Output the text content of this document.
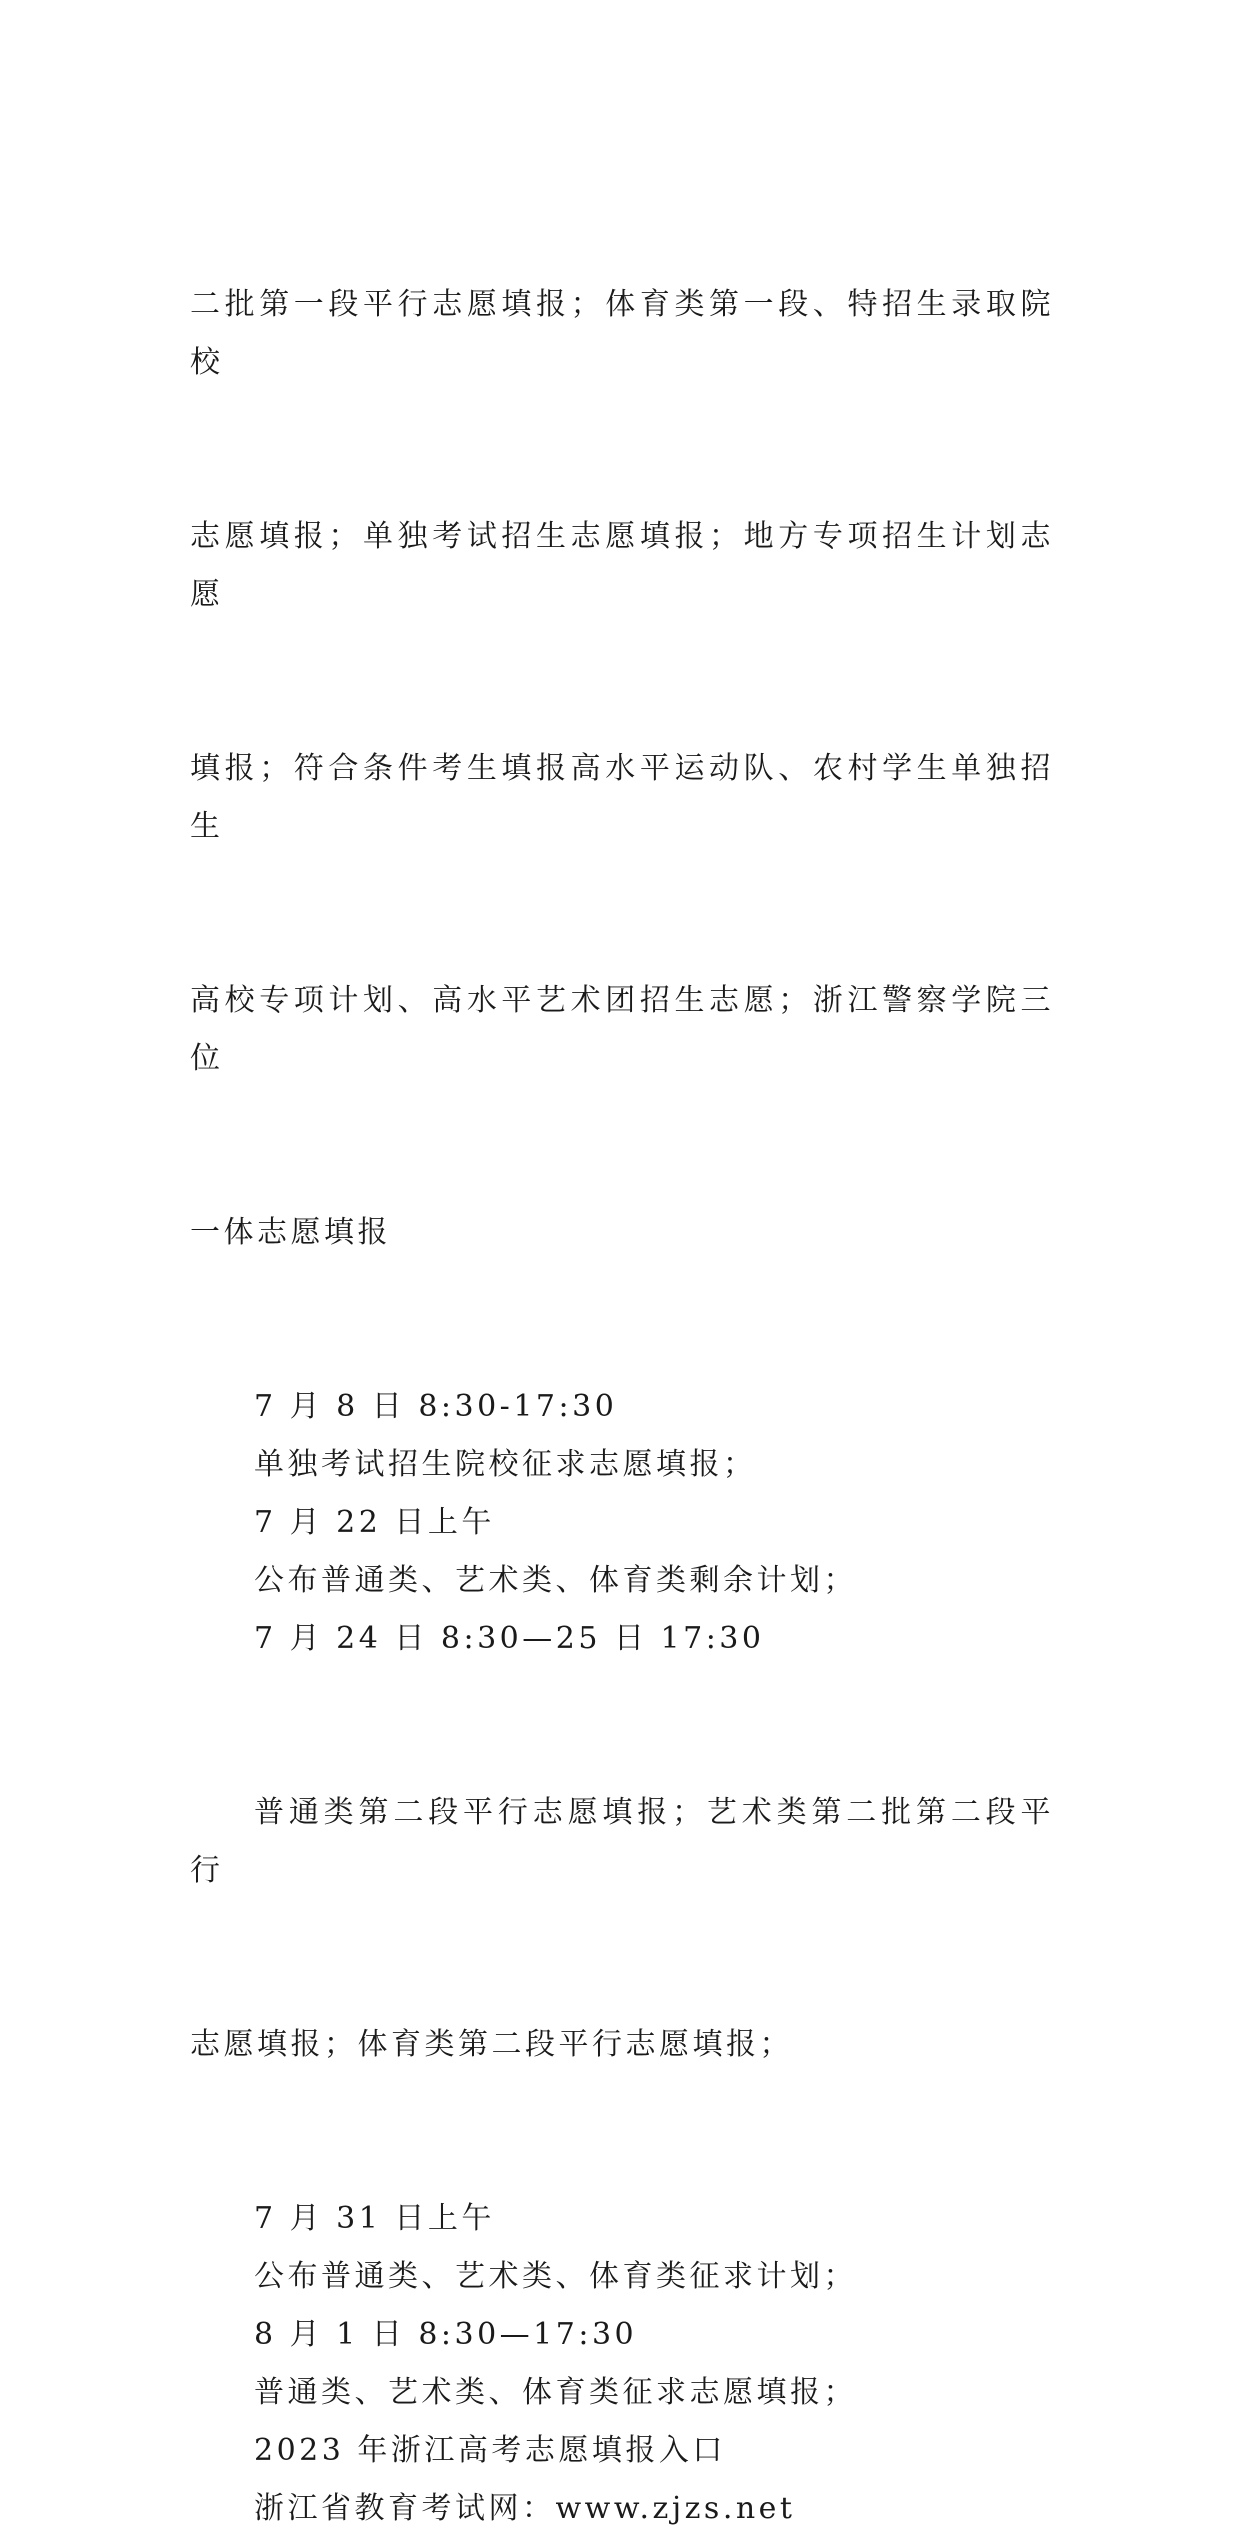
二批第一段平行志愿填报；体育类第一段、特招生录取院校

志愿填报；单独考试招生志愿填报；地方专项招生计划志愿

填报；符合条件考生填报高水平运动队、农村学生单独招生

高校专项计划、高水平艺术团招生志愿；浙江警察学院三位

一体志愿填报

7 月 8 日 8:30-17:30
单独考试招生院校征求志愿填报；
7 月 22 日上午
公布普通类、艺术类、体育类剩余计划；
7 月 24 日 8:30—25 日 17:30

普通类第二段平行志愿填报；艺术类第二批第二段平行

志愿填报；体育类第二段平行志愿填报；

7 月 31 日上午
公布普通类、艺术类、体育类征求计划；
8 月 1 日 8:30—17:30
普通类、艺术类、体育类征求志愿填报；
2023 年浙江高考志愿填报入口
浙江省教育考试网：www.zjzs.net
